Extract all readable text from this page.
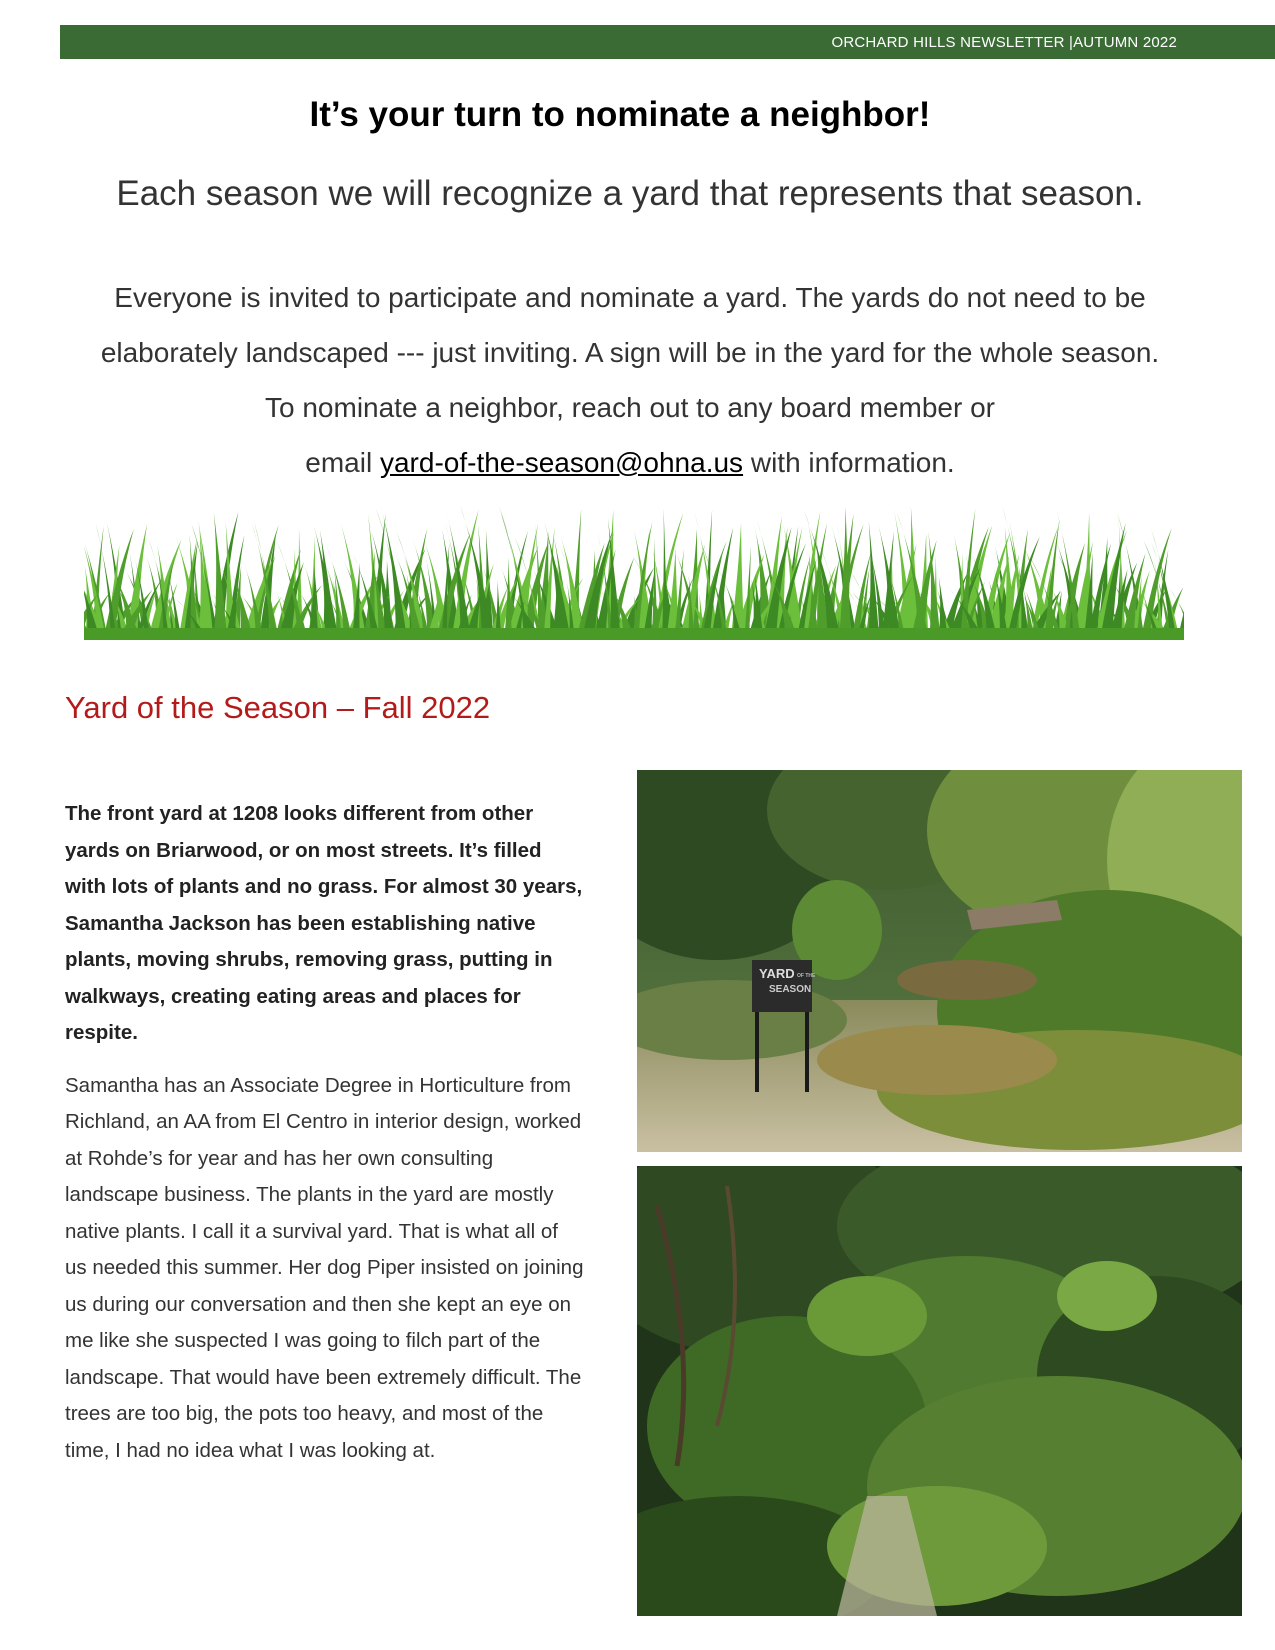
ORCHARD HILLS NEWSLETTER |AUTUMN 2022
It’s your turn to nominate a neighbor!
Each season we will recognize a yard that represents that season.

Everyone is invited to participate and nominate a yard. The yards do not need to be

elaborately landscaped --- just inviting. A sign will be in the yard for the whole season.

To nominate a neighbor, reach out to any board member or

email yard-of-the-season@ohna.us with information.

Yard of the Season – Fall 2022

The front yard at 1208 looks different from other yards on Briarwood, or on most streets. It’s filled with lots of plants and no grass. For almost 30 years, Samantha Jackson has been establishing native plants, moving shrubs, removing grass, putting in walkways, creating eating areas and places for respite.

Samantha has an Associate Degree in Horticulture from Richland, an AA from El Centro in interior design, worked at Rohde’s for year and has her own consulting landscape business. The plants in the yard are mostly native plants. I call it a survival yard. That is what all of us needed this summer. Her dog Piper insisted on joining us during our conversation and then she kept an eye on me like she suspected I was going to filch part of the landscape. That would have been extremely difficult. The trees are too big, the pots too heavy, and most of the time, I had no idea what I was looking at.

YARD OF THE
SEASON
